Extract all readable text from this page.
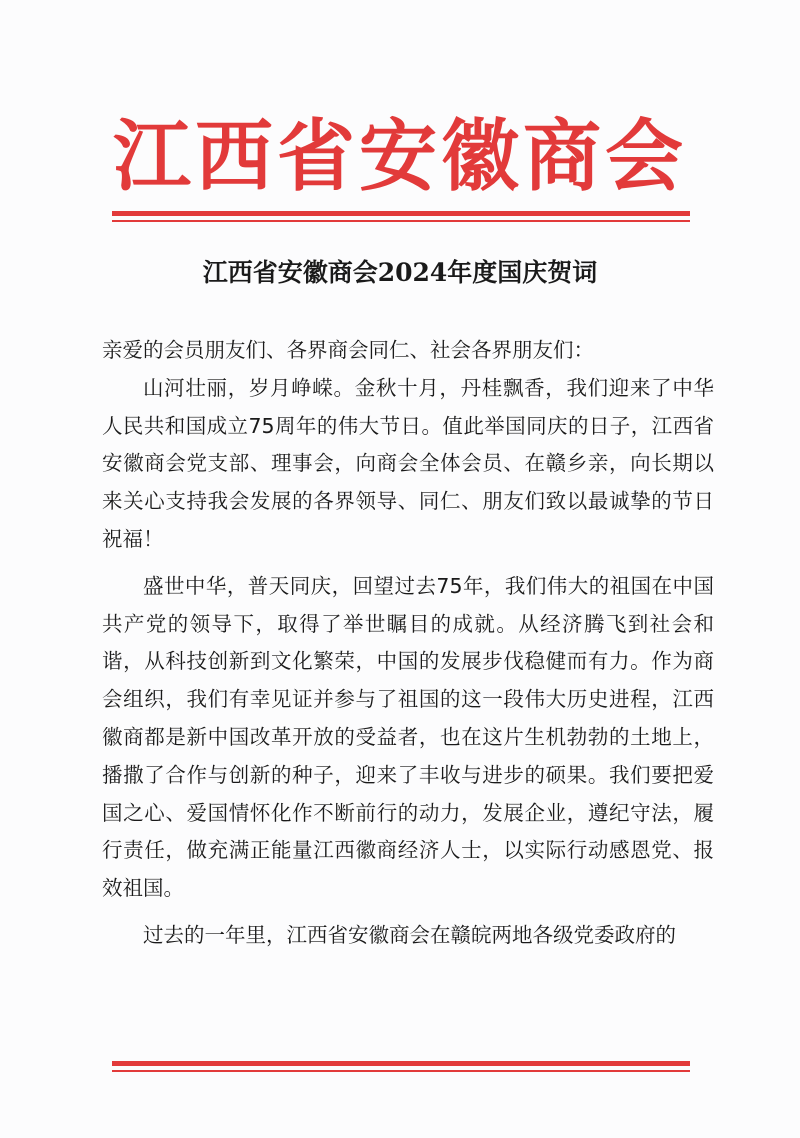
江西省安徽商会
江西省安徽商会2024年度国庆贺词

亲爱的会员朋友们、各界商会同仁、社会各界朋友们：

山河壮丽，岁月峥嵘。金秋十月，丹桂飘香，我们迎来了中华人民共和国成立75周年的伟大节日。值此举国同庆的日子，江西省安徽商会党支部、理事会，向商会全体会员、在赣乡亲，向长期以来关心支持我会发展的各界领导、同仁、朋友们致以最诚挚的节日祝福！

盛世中华，普天同庆，回望过去75年，我们伟大的祖国在中国共产党的领导下，取得了举世瞩目的成就。从经济腾飞到社会和谐，从科技创新到文化繁荣，中国的发展步伐稳健而有力。作为商会组织，我们有幸见证并参与了祖国的这一段伟大历史进程，江西徽商都是新中国改革开放的受益者，也在这片生机勃勃的土地上，播撒了合作与创新的种子，迎来了丰收与进步的硕果。我们要把爱国之心、爱国情怀化作不断前行的动力，发展企业，遵纪守法，履行责任，做充满正能量江西徽商经济人士，以实际行动感恩党、报效祖国。

过去的一年里，江西省安徽商会在赣皖两地各级党委政府的
